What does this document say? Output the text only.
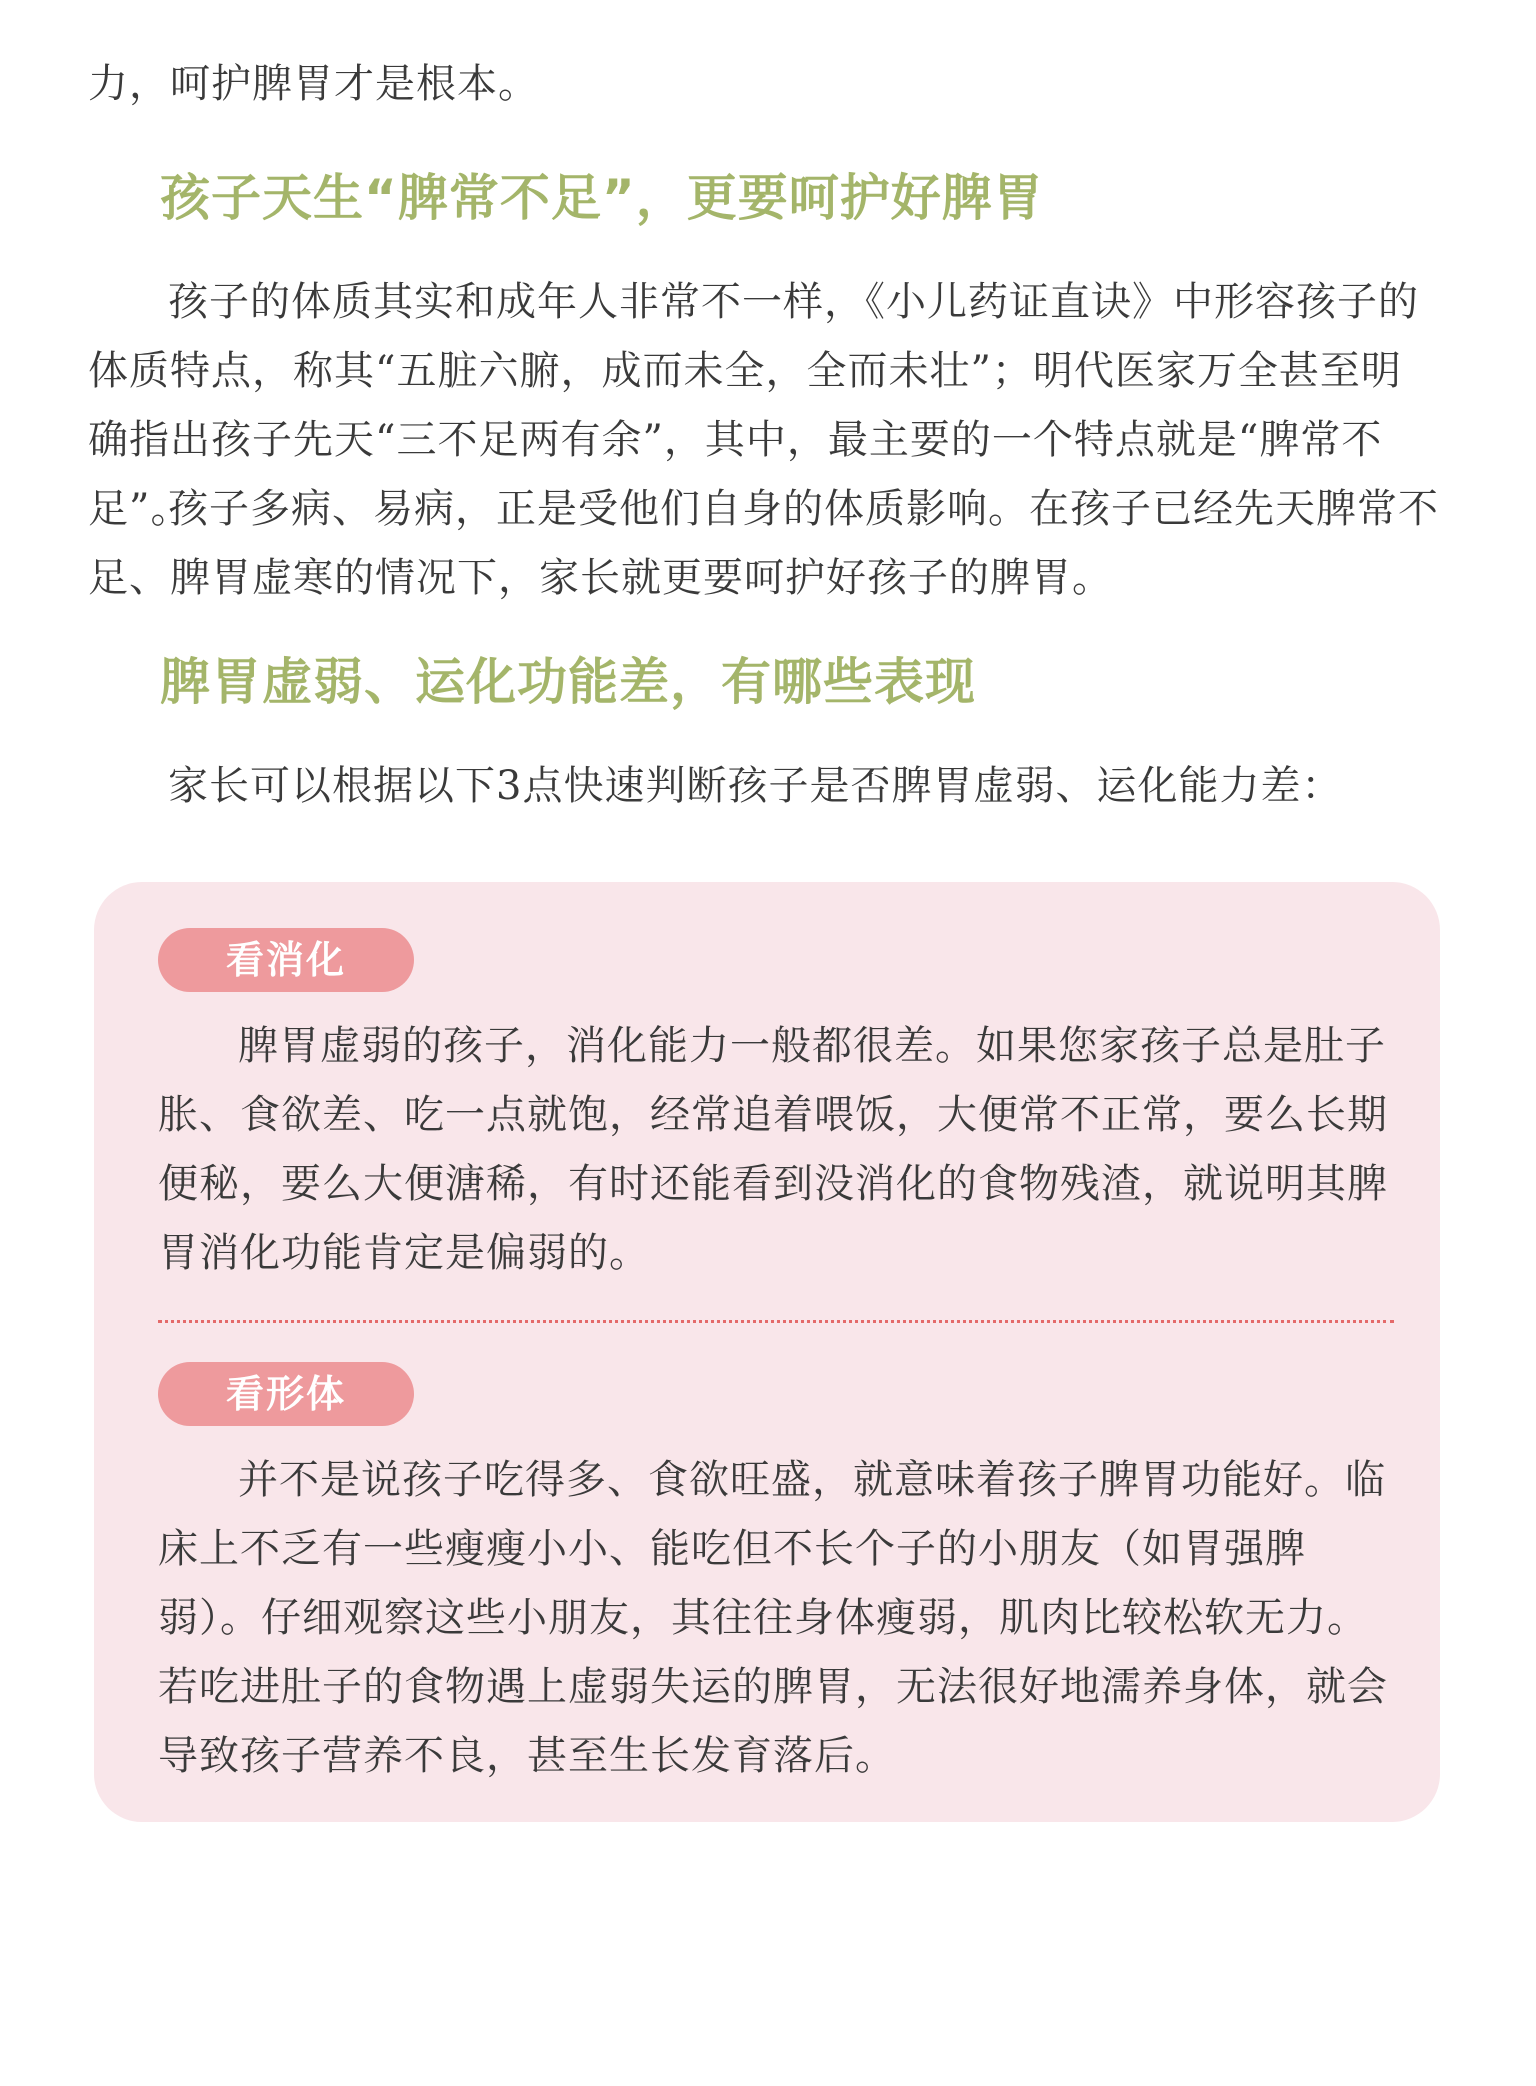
力，呵护脾胃才是根本。

孩子天生“脾常不足”，更要呵护好脾胃

孩子的体质其实和成年人非常不一样，《小儿药证直诀》中形容孩子的体质特点，称其“五脏六腑，成而未全，全而未壮”；明代医家万全甚至明确指出孩子先天“三不足两有余”，其中，最主要的一个特点就是“脾常不足”。

孩子多病、易病，正是受他们自身的体质影响。在孩子已经先天脾常不足、脾胃虚寒的情况下，家长就更要呵护好孩子的脾胃。

脾胃虚弱、运化功能差，有哪些表现

家长可以根据以下3点快速判断孩子是否脾胃虚弱、运化能力差：

看消化

脾胃虚弱的孩子，消化能力一般都很差。如果您家孩子总是肚子胀、食欲差、吃一点就饱，经常追着喂饭，大便常不正常，要么长期便秘，要么大便溏稀，有时还能看到没消化的食物残渣，就说明其脾胃消化功能肯定是偏弱的。

看形体

并不是说孩子吃得多、食欲旺盛，就意味着孩子脾胃功能好。临床上不乏有一些瘦瘦小小、能吃但不长个子的小朋友（如胃强脾弱）。仔细观察这些小朋友，其往往身体瘦弱，肌肉比较松软无力。若吃进肚子的食物遇上虚弱失运的脾胃，无法很好地濡养身体，就会导致孩子营养不良，甚至生长发育落后。
